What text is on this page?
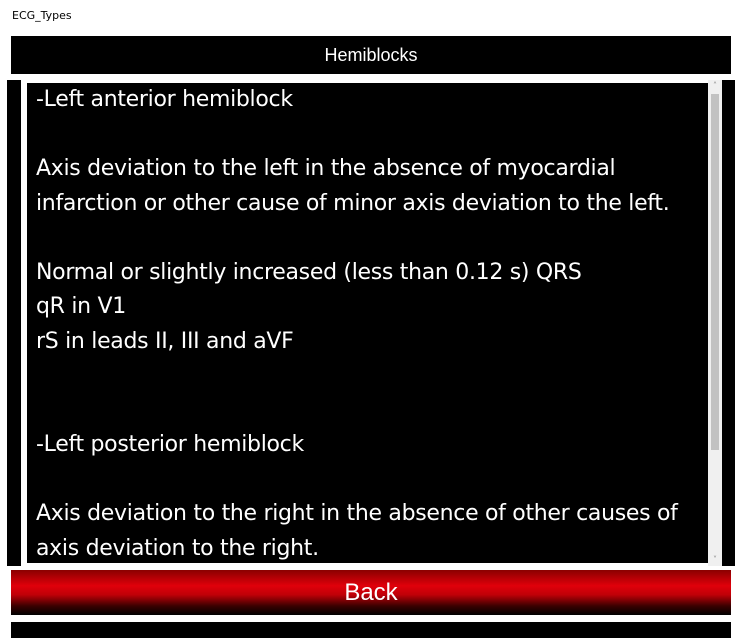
ECG_Types
Hemiblocks
-Left anterior hemiblock

Axis deviation to the left in the absence of myocardial
infarction or other cause of minor axis deviation to the left.

Normal or slightly increased (less than 0.12 s) QRS
qR in V1
rS in leads II, III and aVF

-Left posterior hemiblock

Axis deviation to the right in the absence of other causes of
axis deviation to the right.
˄
˅
Back
